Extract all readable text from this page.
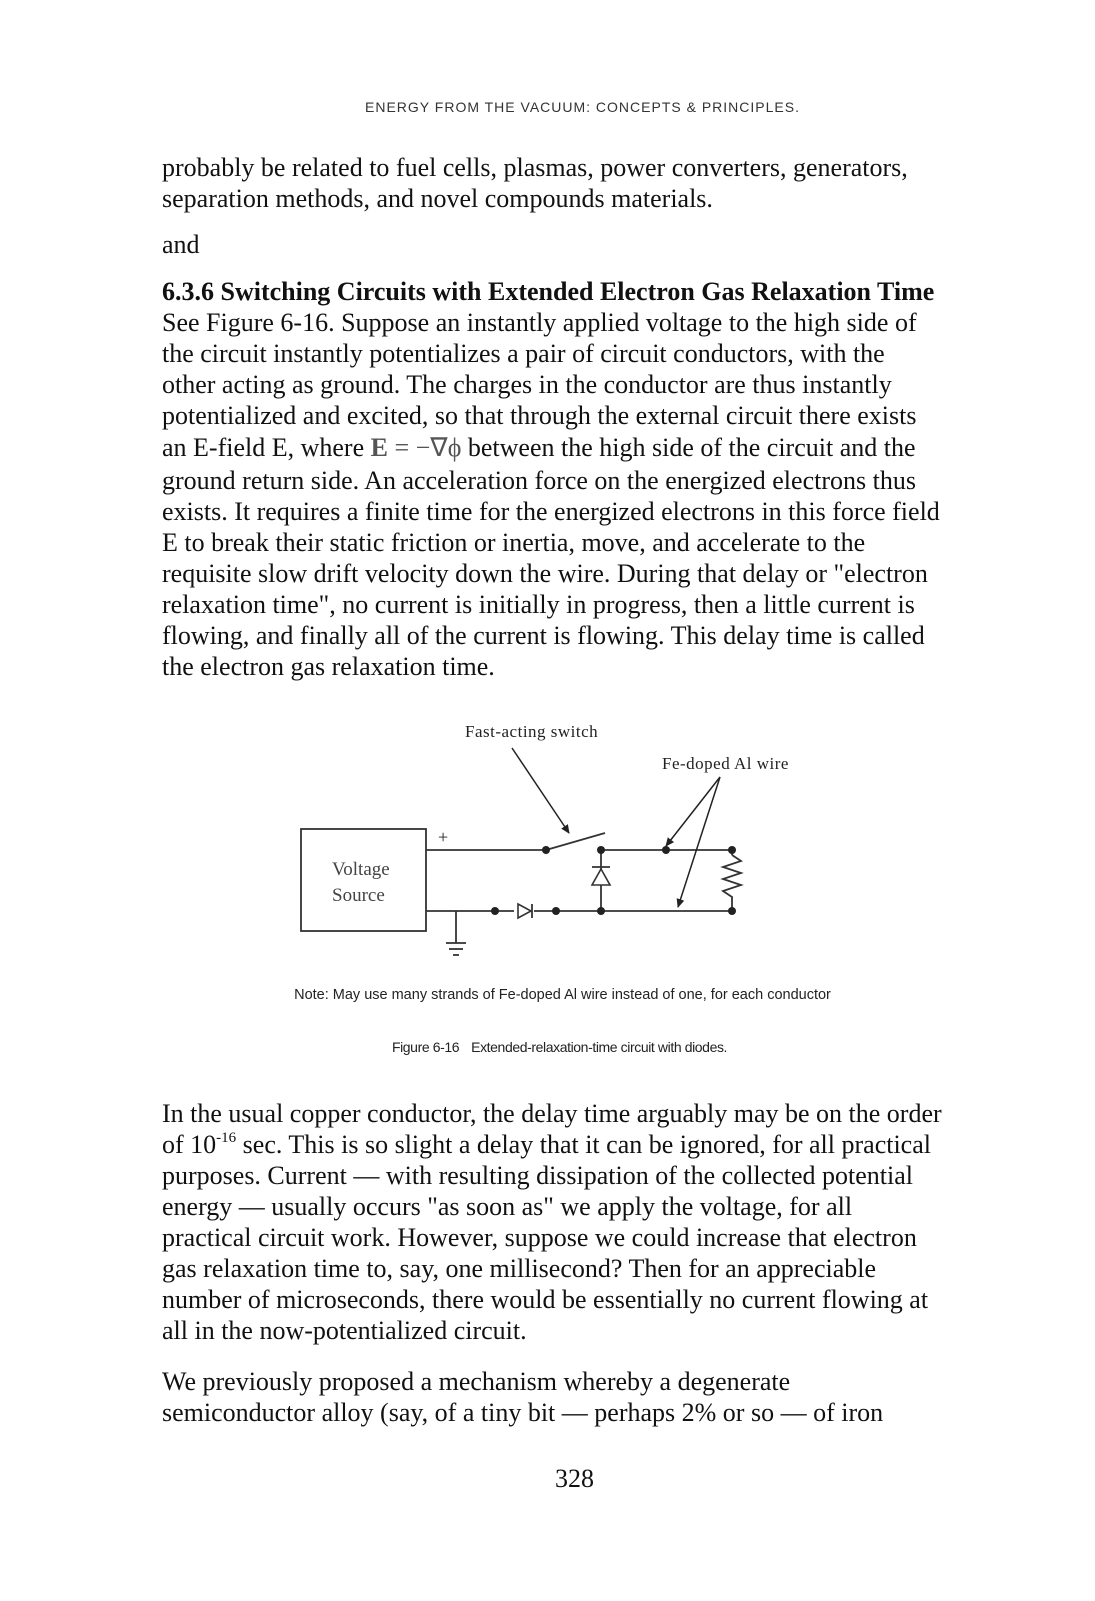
ENERGY FROM THE VACUUM: CONCEPTS & PRINCIPLES.
probably be related to fuel cells, plasmas, power converters, generators,
separation methods, and novel compounds materials.
and
6.3.6 Switching Circuits with Extended Electron Gas Relaxation Time
See Figure 6-16. Suppose an instantly applied voltage to the high side of
the circuit instantly potentializes a pair of circuit conductors, with the
other acting as ground. The charges in the conductor are thus instantly
potentialized and excited, so that through the external circuit there exists
an E-field E, where E = −∇ϕ between the high side of the circuit and the
ground return side. An acceleration force on the energized electrons thus
exists. It requires a finite time for the energized electrons in this force field
E to break their static friction or inertia, move, and accelerate to the
requisite slow drift velocity down the wire. During that delay or "electron
relaxation time", no current is initially in progress, then a little current is
flowing, and finally all of the current is flowing. This delay time is called
the electron gas relaxation time.
Fast-acting switch
Fe-doped Al wire
Voltage
Source
+
Note: May use many strands of Fe-doped Al wire instead of one, for each conductor
Figure 6-16 Extended-relaxation-time circuit with diodes.
In the usual copper conductor, the delay time arguably may be on the order
of $10^{-16}$ sec. This is so slight a delay that it can be ignored, for all practical
purposes. Current — with resulting dissipation of the collected potential
energy — usually occurs "as soon as" we apply the voltage, for all
practical circuit work. However, suppose we could increase that electron
gas relaxation time to, say, one millisecond? Then for an appreciable
number of microseconds, there would be essentially no current flowing at
all in the now-potentialized circuit.
We previously proposed a mechanism whereby a degenerate
semiconductor alloy (say, of a tiny bit — perhaps 2% or so — of iron
328
